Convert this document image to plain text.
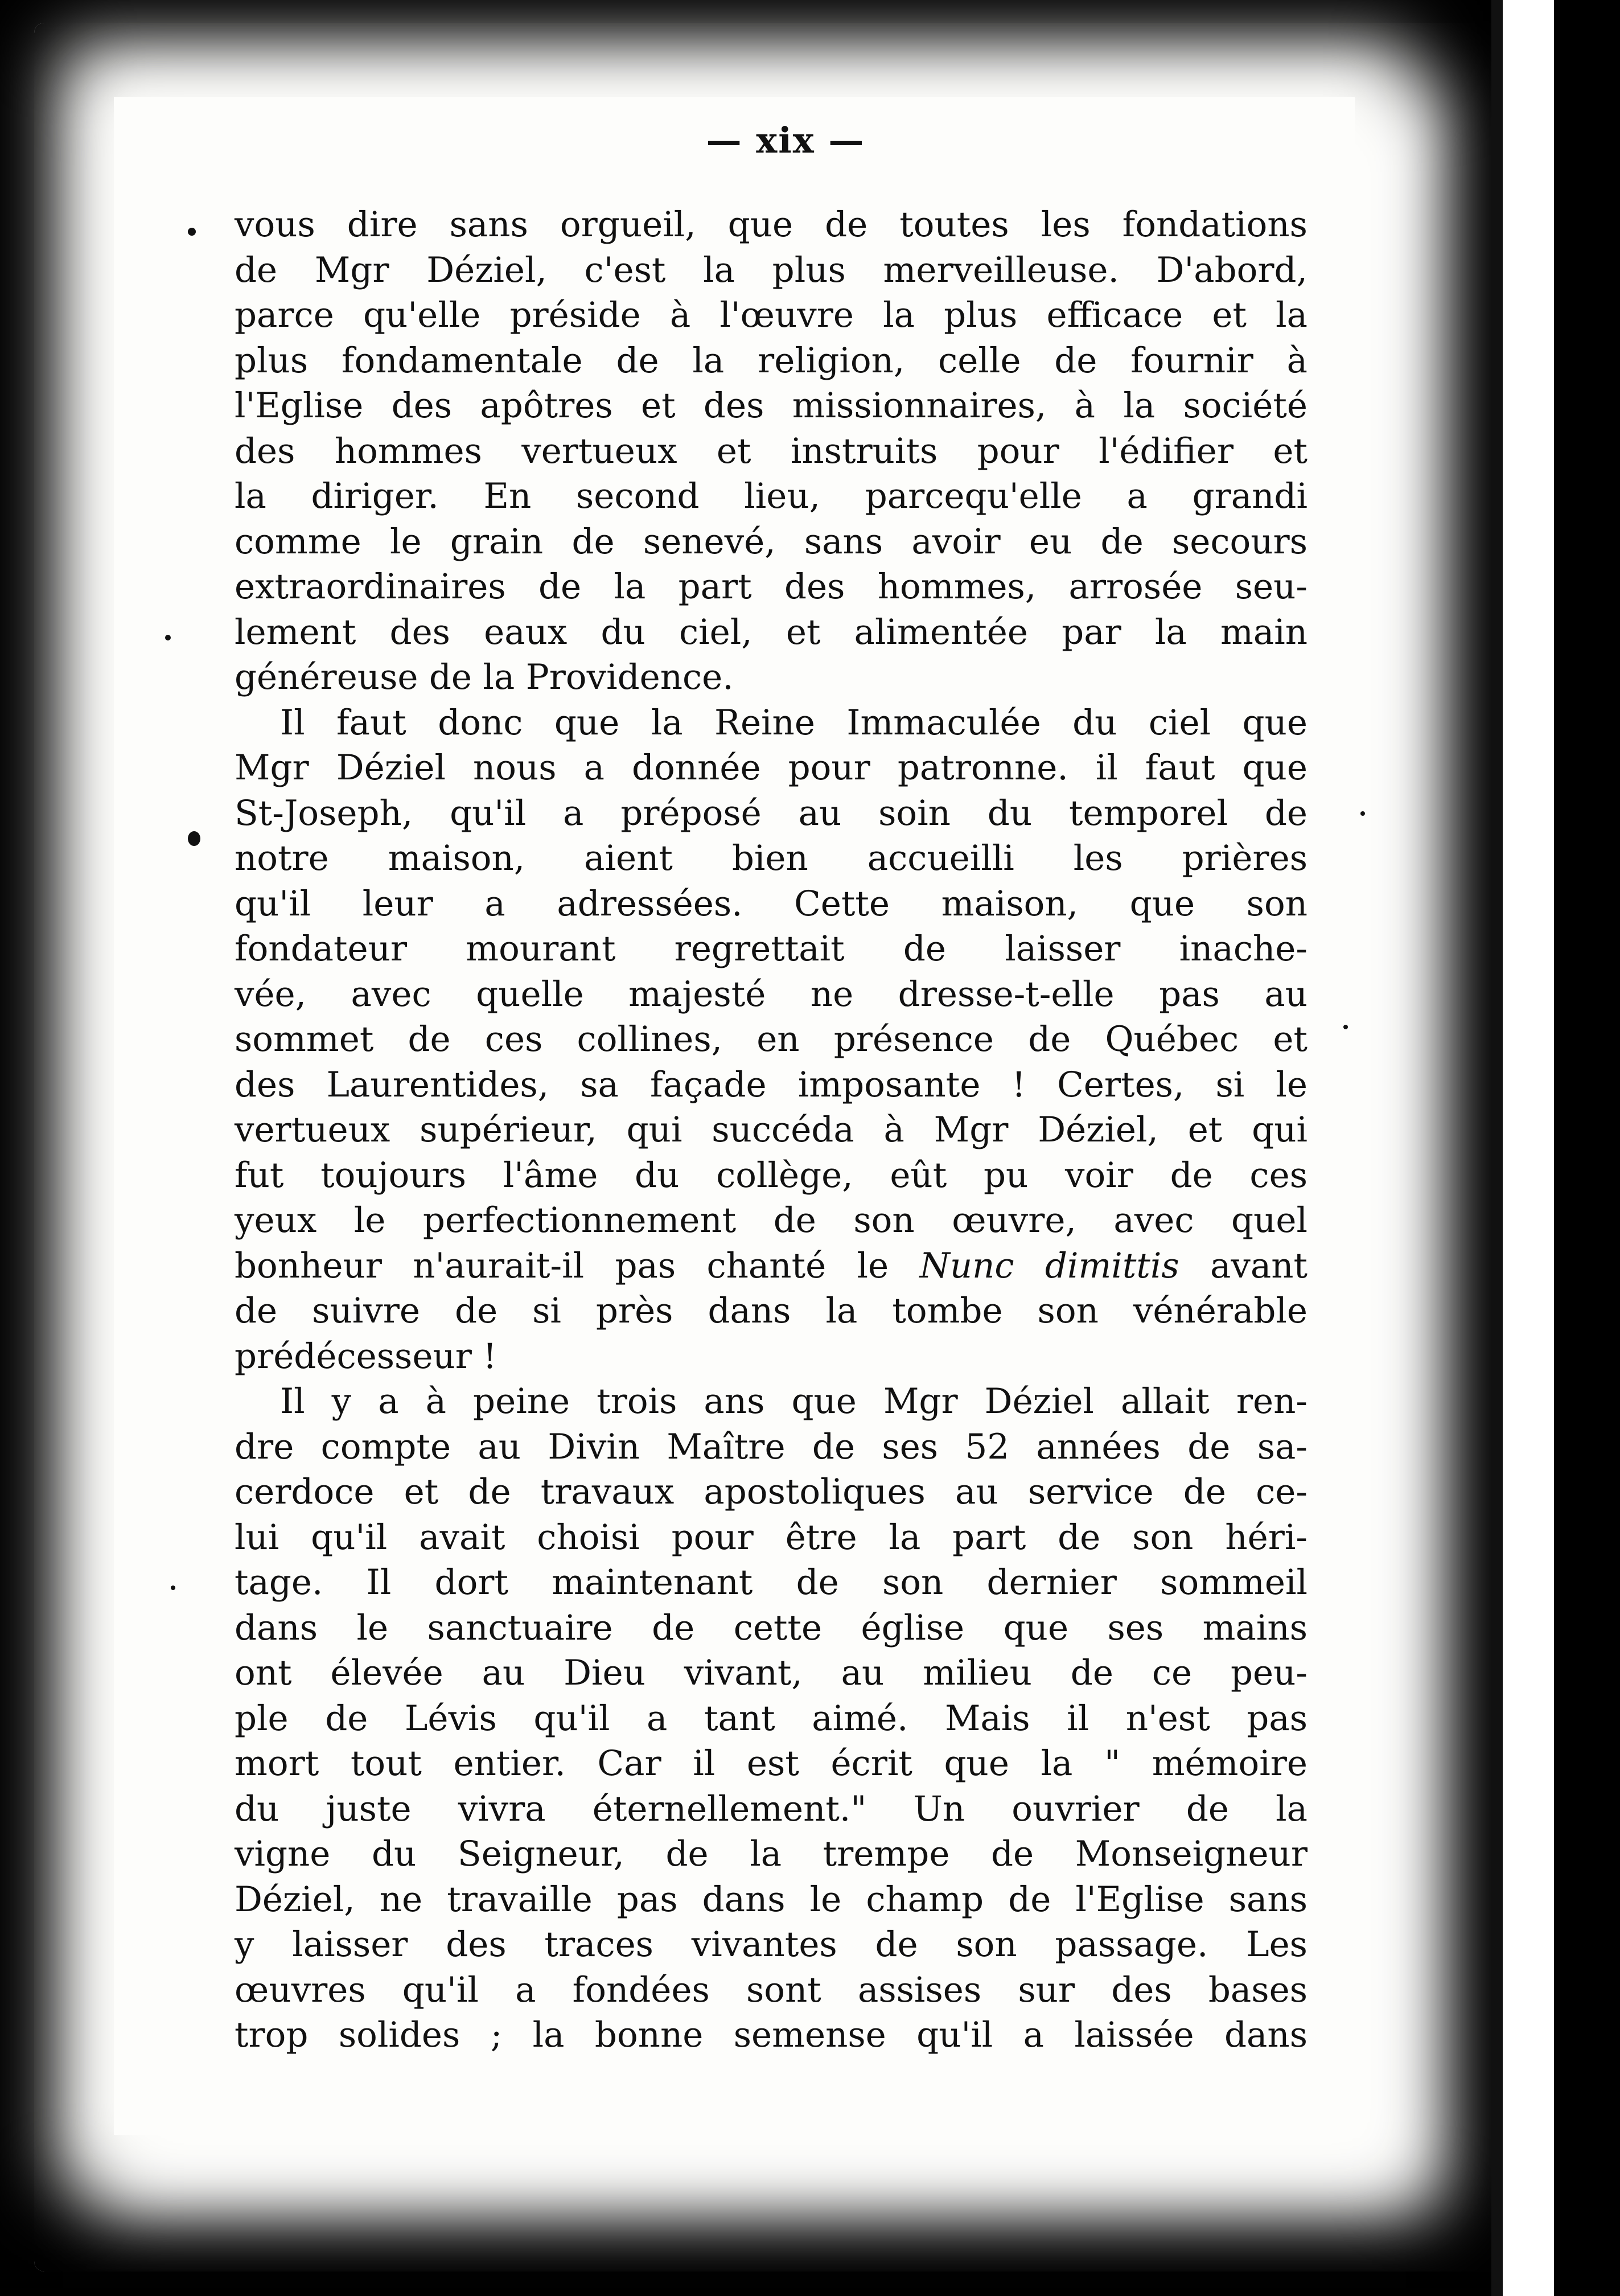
— xix —
vous dire sans orgueil, que de toutes les fondations
de Mgr Déziel, c'est la plus merveilleuse. D'abord,
parce qu'elle préside à l'œuvre la plus efficace et la
plus fondamentale de la religion, celle de fournir à
l'Eglise des apôtres et des missionnaires, à la société
des hommes vertueux et instruits pour l'édifier et
la diriger. En second lieu, parcequ'elle a grandi
comme le grain de senevé, sans avoir eu de secours
extraordinaires de la part des hommes, arrosée seu-
lement des eaux du ciel, et alimentée par la main
généreuse de la Providence.
Il faut donc que la Reine Immaculée du ciel que
Mgr Déziel nous a donnée pour patronne. il faut que
St-Joseph, qu'il a préposé au soin du temporel de
notre maison, aient bien accueilli les prières
qu'il leur a adressées. Cette maison, que son
fondateur mourant regrettait de laisser inache-
vée, avec quelle majesté ne dresse-t-elle pas au
sommet de ces collines, en présence de Québec et
des Laurentides, sa façade imposante ! Certes, si le
vertueux supérieur, qui succéda à Mgr Déziel, et qui
fut toujours l'âme du collège, eût pu voir de ces
yeux le perfectionnement de son œuvre, avec quel
bonheur n'aurait-il pas chanté le Nunc dimittis avant
de suivre de si près dans la tombe son vénérable
prédécesseur !
Il y a à peine trois ans que Mgr Déziel allait ren-
dre compte au Divin Maître de ses 52 années de sa-
cerdoce et de travaux apostoliques au service de ce-
lui qu'il avait choisi pour être la part de son héri-
tage. Il dort maintenant de son dernier sommeil
dans le sanctuaire de cette église que ses mains
ont élevée au Dieu vivant, au milieu de ce peu-
ple de Lévis qu'il a tant aimé. Mais il n'est pas
mort tout entier. Car il est écrit que la " mémoire
du juste vivra éternellement." Un ouvrier de la
vigne du Seigneur, de la trempe de Monseigneur
Déziel, ne travaille pas dans le champ de l'Eglise sans
y laisser des traces vivantes de son passage. Les
œuvres qu'il a fondées sont assises sur des bases
trop solides ; la bonne semense qu'il a laissée dans
